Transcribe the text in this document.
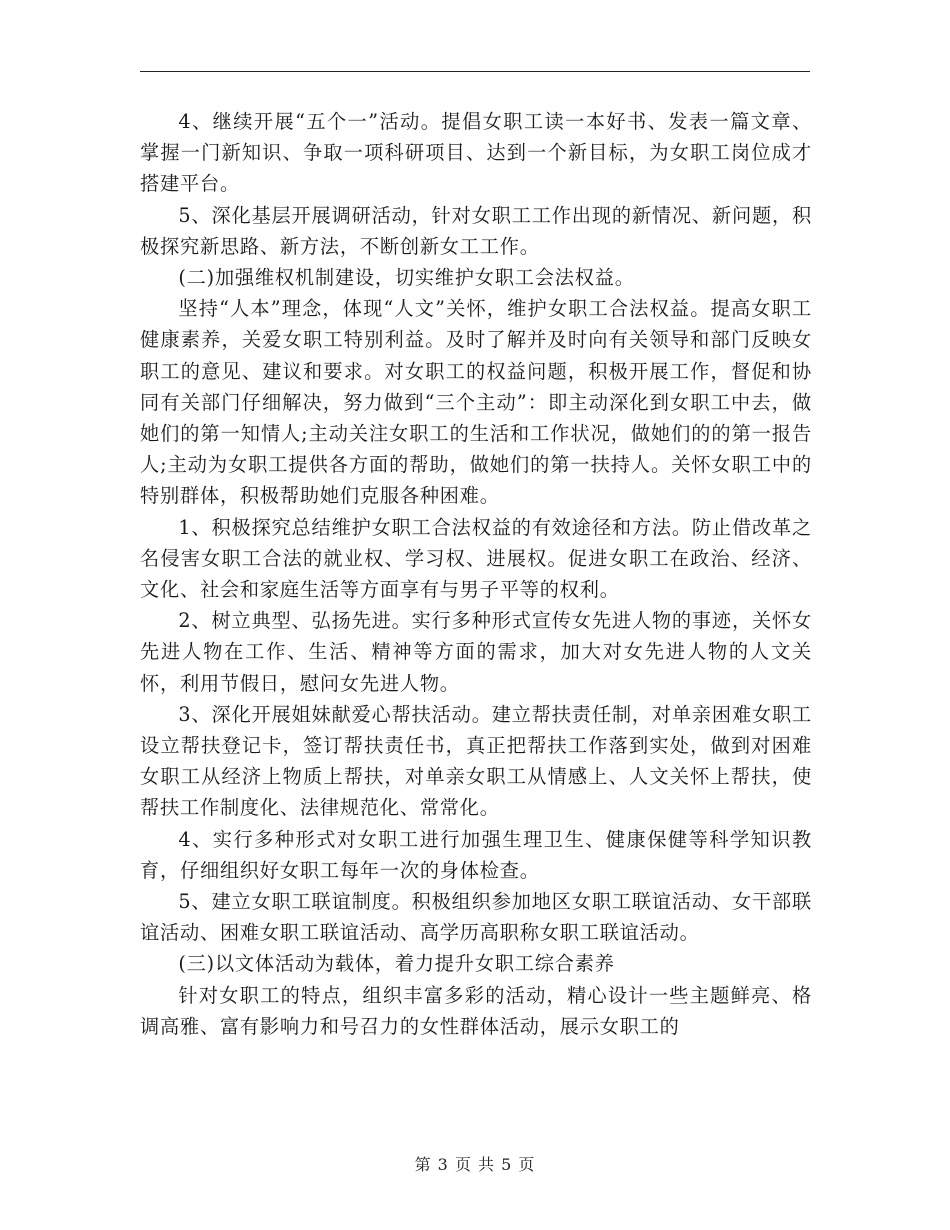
4、继续开展“五个一”活动。提倡女职工读一本好书、发表一篇文章、掌握一门新知识、争取一项科研项目、达到一个新目标，为女职工岗位成才搭建平台。

5、深化基层开展调研活动，针对女职工工作出现的新情况、新问题，积极探究新思路、新方法，不断创新女工工作。

(二)加强维权机制建设，切实维护女职工会法权益。

坚持“人本”理念，体现“人文”关怀，维护女职工合法权益。提高女职工健康素养，关爱女职工特别利益。及时了解并及时向有关领导和部门反映女职工的意见、建议和要求。对女职工的权益问题，积极开展工作，督促和协同有关部门仔细解决，努力做到“三个主动”：即主动深化到女职工中去，做她们的第一知情人;主动关注女职工的生活和工作状况，做她们的的第一报告人;主动为女职工提供各方面的帮助，做她们的第一扶持人。关怀女职工中的特别群体，积极帮助她们克服各种困难。

1、积极探究总结维护女职工合法权益的有效途径和方法。防止借改革之名侵害女职工合法的就业权、学习权、进展权。促进女职工在政治、经济、文化、社会和家庭生活等方面享有与男子平等的权利。

2、树立典型、弘扬先进。实行多种形式宣传女先进人物的事迹，关怀女先进人物在工作、生活、精神等方面的需求，加大对女先进人物的人文关怀，利用节假日，慰问女先进人物。

3、深化开展姐妹献爱心帮扶活动。建立帮扶责任制，对单亲困难女职工设立帮扶登记卡，签订帮扶责任书，真正把帮扶工作落到实处，做到对困难女职工从经济上物质上帮扶，对单亲女职工从情感上、人文关怀上帮扶，使帮扶工作制度化、法律规范化、常常化。

4、实行多种形式对女职工进行加强生理卫生、健康保健等科学知识教育，仔细组织好女职工每年一次的身体检查。

5、建立女职工联谊制度。积极组织参加地区女职工联谊活动、女干部联谊活动、困难女职工联谊活动、高学历高职称女职工联谊活动。

(三)以文体活动为载体，着力提升女职工综合素养

针对女职工的特点，组织丰富多彩的活动，精心设计一些主题鲜亮、格调高雅、富有影响力和号召力的女性群体活动，展示女职工的

第 3 页 共 5 页
